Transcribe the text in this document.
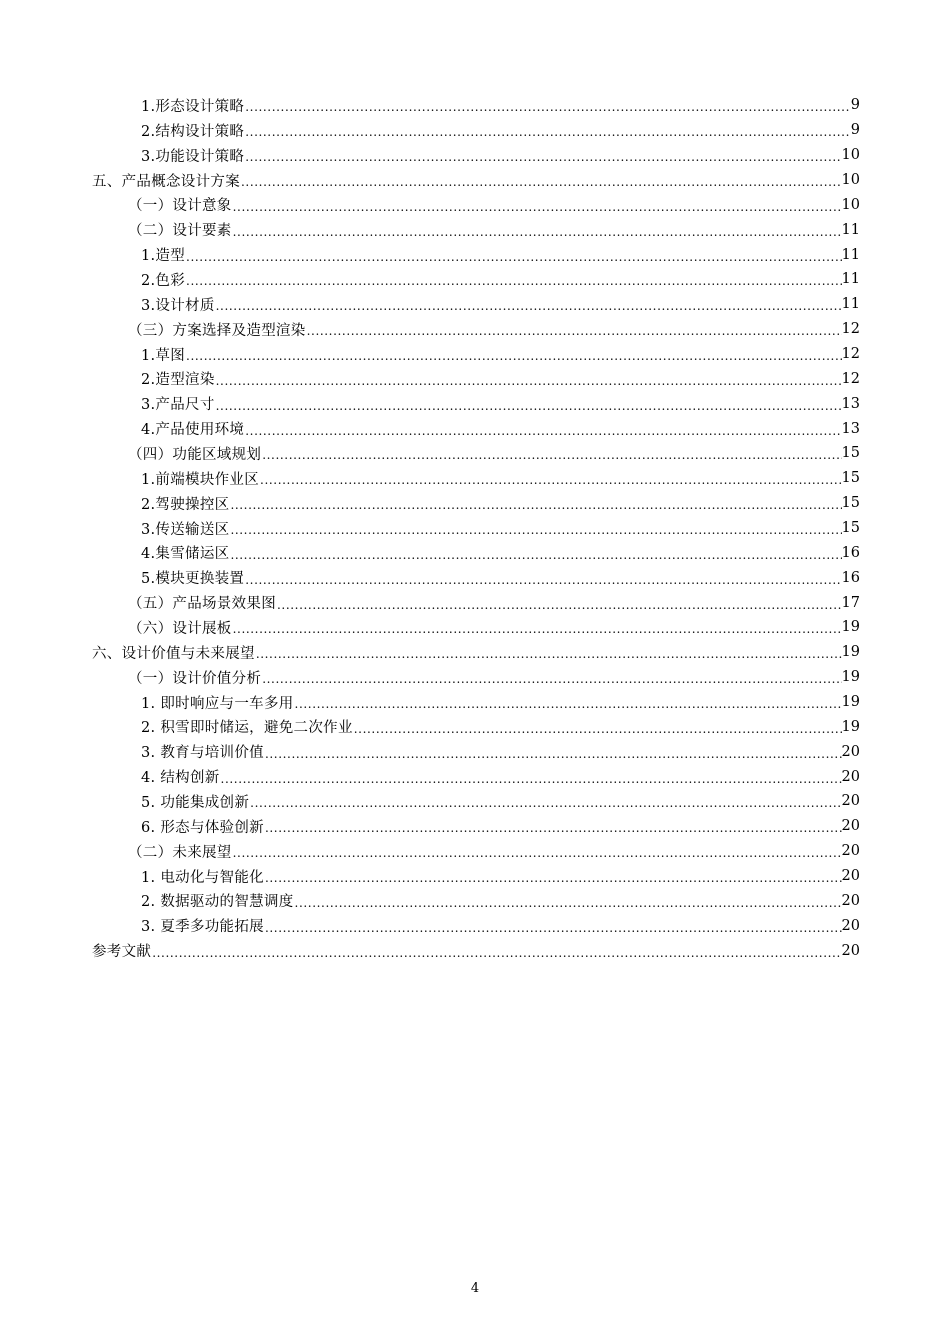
1.形态设计策略 .....	9
2.结构设计策略 .....	9
3.功能设计策略 .....	10
五、产品概念设计方案 .....	10
（一）设计意象 .....	10
（二）设计要素 .....	11
1.造型 .....	11
2.色彩 .....	11
3.设计材质 .....	11
（三）方案选择及造型渲染 .....	12
1.草图 .....	12
2.造型渲染 .....	12
3.产品尺寸 .....	13
4.产品使用环境 .....	13
（四）功能区域规划 .....	15
1.前端模块作业区 .....	15
2.驾驶操控区 .....	15
3.传送输送区 .....	15
4.集雪储运区 .....	16
5.模块更换装置 .....	16
（五）产品场景效果图 .....	17
（六）设计展板 .....	19
六、设计价值与未来展望 .....	19
（一）设计价值分析 .....	19
1. 即时响应与一车多用 .....	19
2. 积雪即时储运，避免二次作业 .....	19
3. 教育与培训价值 .....	20
4. 结构创新 .....	20
5. 功能集成创新 .....	20
6. 形态与体验创新 .....	20
（二）未来展望 .....	20
1. 电动化与智能化 .....	20
2. 数据驱动的智慧调度 .....	20
3. 夏季多功能拓展 .....	20
参考文献 .....	20
4
